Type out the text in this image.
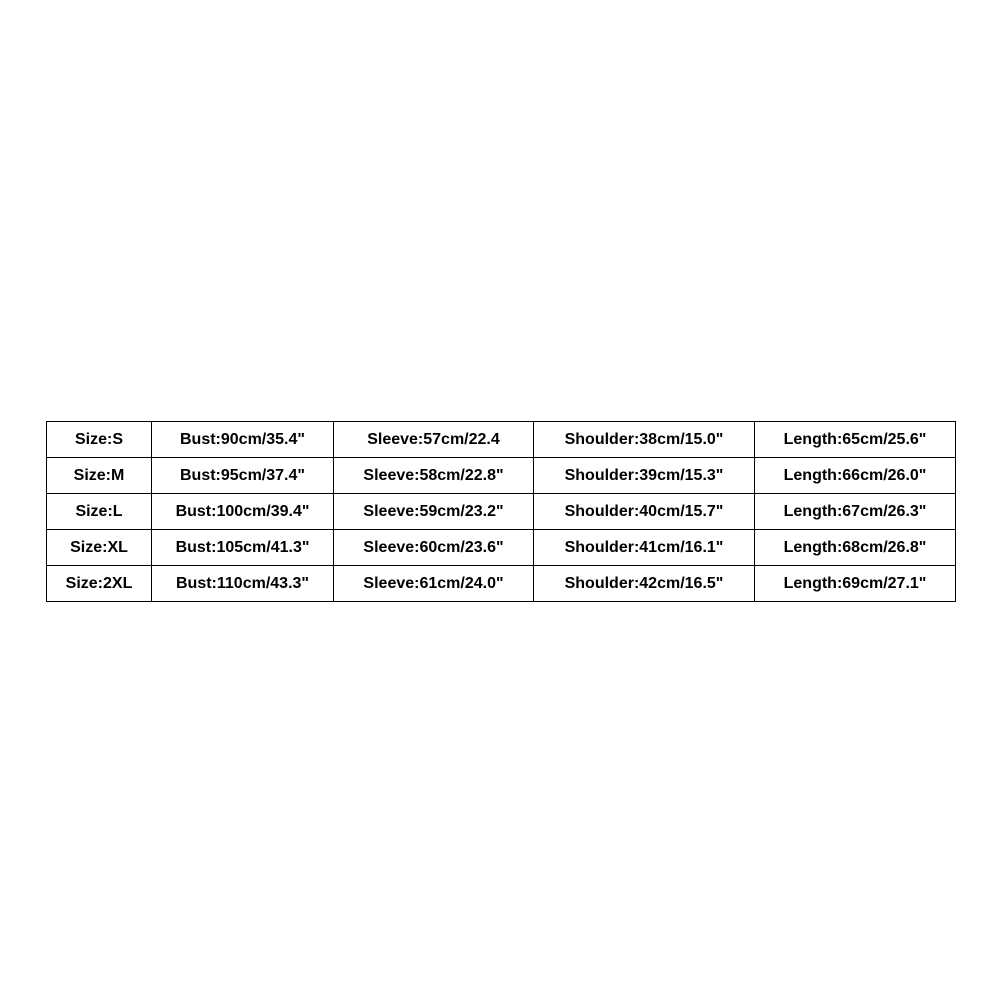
Size:S	Bust:90cm/35.4"	Sleeve:57cm/22.4	Shoulder:38cm/15.0"	Length:65cm/25.6"
Size:M	Bust:95cm/37.4"	Sleeve:58cm/22.8"	Shoulder:39cm/15.3"	Length:66cm/26.0"
Size:L	Bust:100cm/39.4"	Sleeve:59cm/23.2"	Shoulder:40cm/15.7"	Length:67cm/26.3"
Size:XL	Bust:105cm/41.3"	Sleeve:60cm/23.6"	Shoulder:41cm/16.1"	Length:68cm/26.8"
Size:2XL	Bust:110cm/43.3"	Sleeve:61cm/24.0"	Shoulder:42cm/16.5"	Length:69cm/27.1"
